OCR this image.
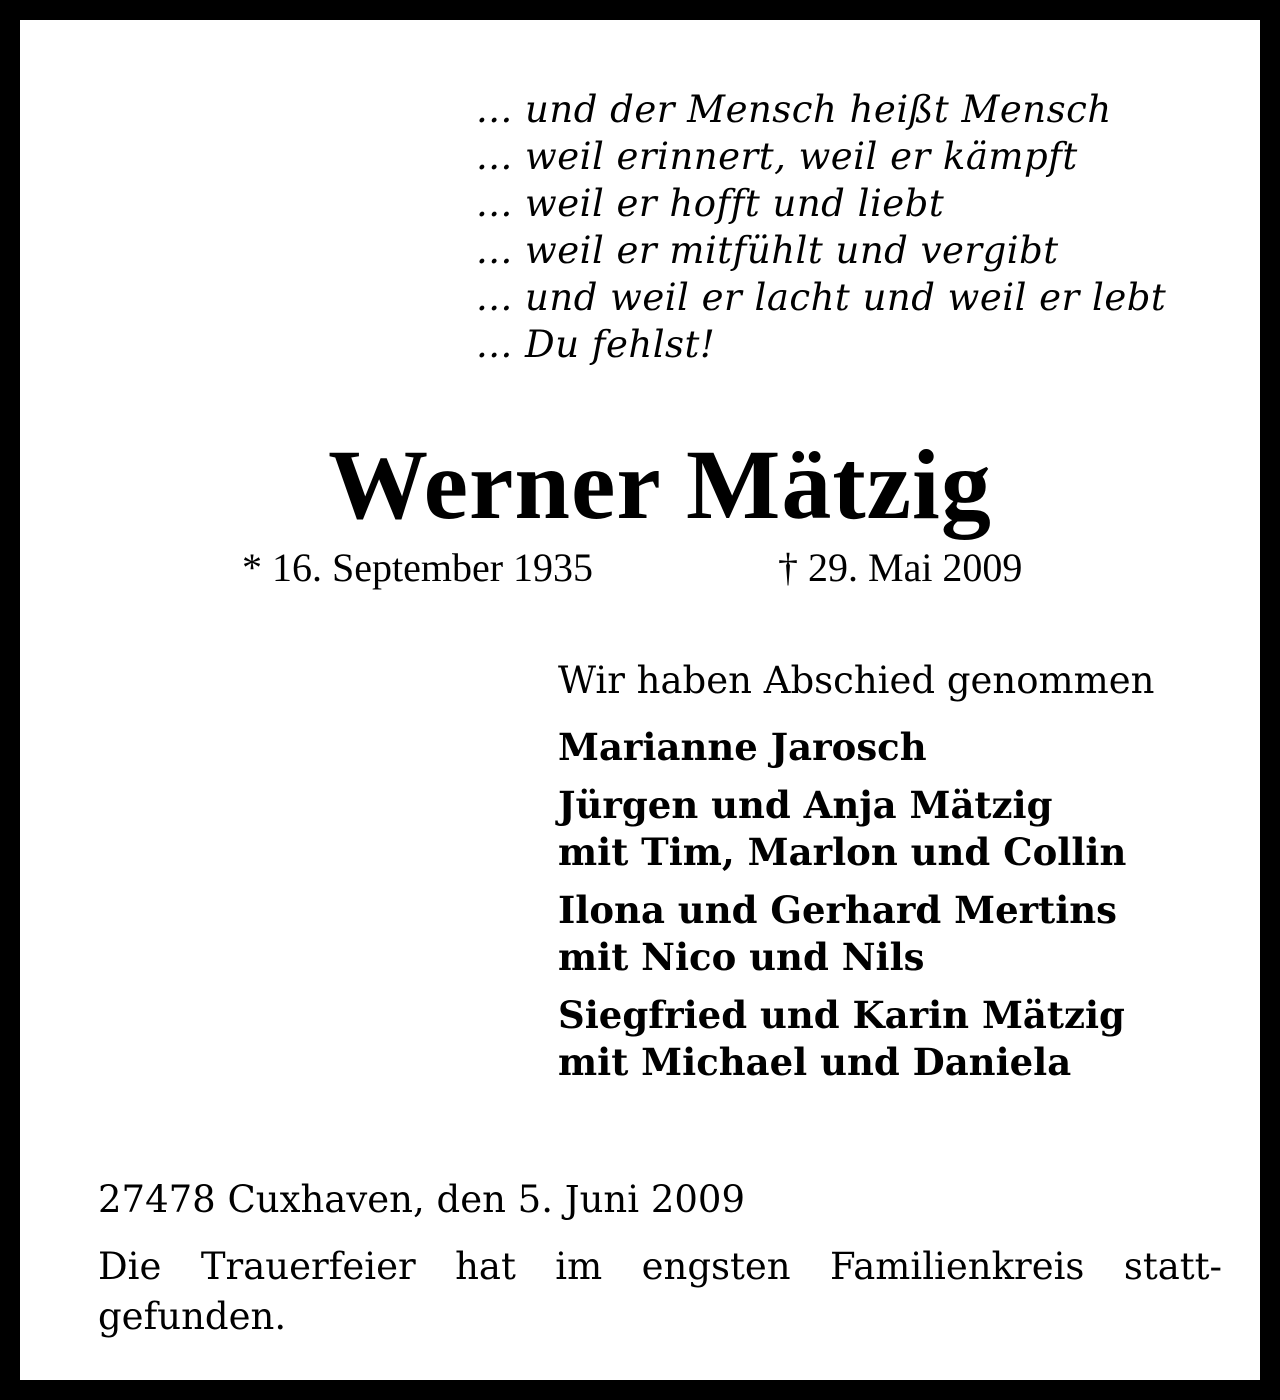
... und der Mensch heißt Mensch
... weil erinnert, weil er kämpft
... weil er hofft und liebt
... weil er mitfühlt und vergibt
... und weil er lacht und weil er lebt
... Du fehlst!
Werner Mätzig
* 16. September 1935	† 29. Mai 2009
Wir haben Abschied genommen
Marianne Jarosch
Jürgen und Anja Mätzig
mit Tim, Marlon und Collin
Ilona und Gerhard Mertins
mit Nico und Nils
Siegfried und Karin Mätzig
mit Michael und Daniela
27478 Cuxhaven, den 5. Juni 2009
Die Trauerfeier hat im engsten Familienkreis statt-
gefunden.
